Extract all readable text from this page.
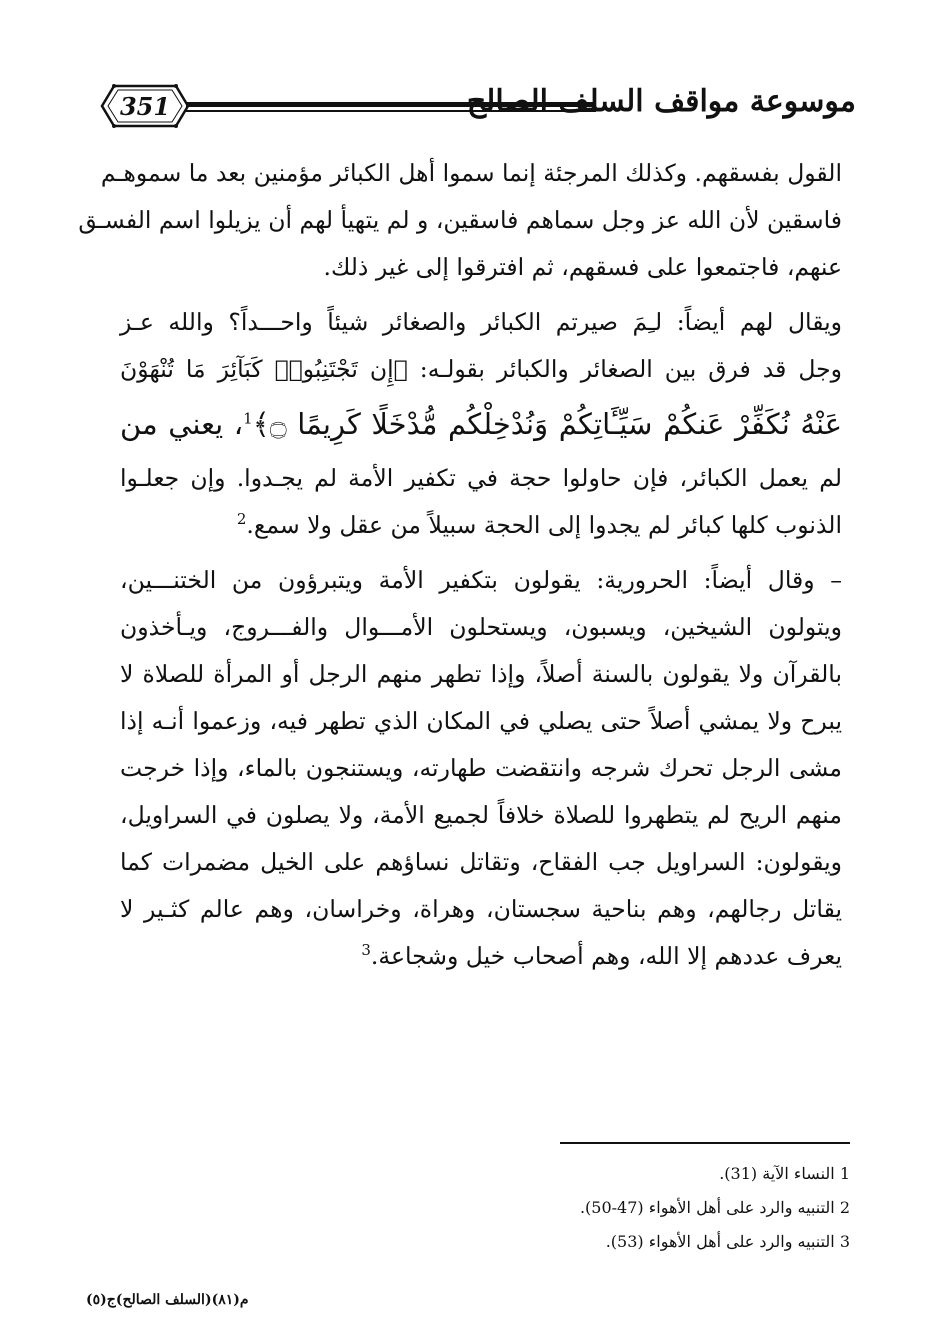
351	موسوعة مواقف السلف الصالح

القول بفسقهم. وكذلك المرجئة إنما سموا أهل الكبائر مؤمنين بعد ما سموهـم
فاسقين لأن الله عز وجل سماهم فاسقين، و لم يتهيأ لهم أن يزيلوا اسم الفسـق
عنهم، فاجتمعوا على فسقهم، ثم افترقوا إلى غير ذلك.

ويقال لهم أيضاً: لـِمَ صيرتم الكبائر والصغائر شيئاً واحـــداً؟ والله عـز
وجل قد فرق بين الصغائر والكبائر بقولـه: ﴿إِن تَجْتَنِبُوا۟ كَبَآئِرَ مَا تُنْهَوْنَ
عَنْهُ نُكَفِّرْ عَنكُمْ سَيِّـَٔاتِكُمْ وَنُدْخِلْكُم مُّدْخَلًا كَرِيمًا ۝﴾$^1$، يعني من
لم يعمل الكبائر، فإن حاولوا حجة في تكفير الأمة لم يجـدوا. وإن جعلـوا
الذنوب كلها كبائر لم يجدوا إلى الحجة سبيلاً من عقل ولا سمع.$^2$

– وقال أيضاً: الحرورية: يقولون بتكفير الأمة ويتبرؤون من الختنـــين،
ويتولون الشيخين، ويسبون، ويستحلون الأمـــوال والفـــروج، ويـأخذون
بالقرآن ولا يقولون بالسنة أصلاً، وإذا تطهر منهم الرجل أو المرأة للصلاة لا
يبرح ولا يمشي أصلاً حتى يصلي في المكان الذي تطهر فيه، وزعموا أنـه إذا
مشى الرجل تحرك شرجه وانتقضت طهارته، ويستنجون بالماء، وإذا خرجت
منهم الريح لم يتطهروا للصلاة خلافاً لجميع الأمة، ولا يصلون في السراويل،
ويقولون: السراويل جب الفقاح، وتقاتل نساؤهم على الخيل مضمرات كما
يقاتل رجالهم، وهم بناحية سجستان، وهراة، وخراسان، وهم عالم كثـير لا
يعرف عددهم إلا الله، وهم أصحاب خيل وشجاعة.$^3$

1 النساء الآية (31).
2 التنبيه والرد على أهل الأهواء (47-50).
3 التنبيه والرد على أهل الأهواء (53).
م(٨١)(السلف الصالح)ج(٥)
